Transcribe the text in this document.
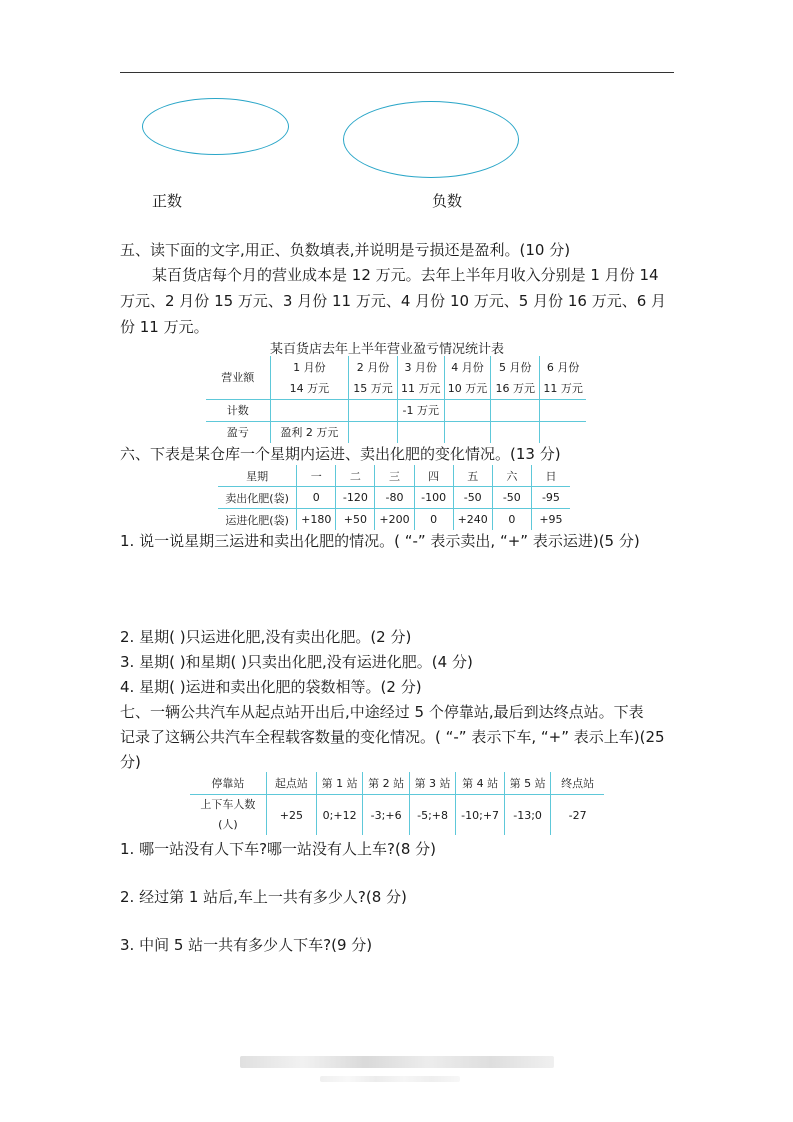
正数	负数
五、读下面的文字,用正、负数填表,并说明是亏损还是盈利。(10 分)
某百货店每个月的营业成本是 12 万元。去年上半年月收入分别是 1 月份 14 万元、2 月份 15 万元、3 月份 11 万元、4 月份 10 万元、5 月份 16 万元、6 月份 11 万元。
某百货店去年上半年营业盈亏情况统计表
营业额	1 月份	2 月份	3 月份	4 月份	5 月份	6 月份
	14 万元	15 万元	11 万元	10 万元	16 万元	11 万元
计数			-1 万元			
盈亏	盈利 2 万元					
六、下表是某仓库一个星期内运进、卖出化肥的变化情况。(13 分)
星期	一	二	三	四	五	六	日
卖出化肥(袋)	0	-120	-80	-100	-50	-50	-95
运进化肥(袋)	+180	+50	+200	0	+240	0	+95
1. 说一说星期三运进和卖出化肥的情况。( “-” 表示卖出, “+” 表示运进)(5 分)
2. 星期( )只运进化肥,没有卖出化肥。(2 分)
3. 星期( )和星期( )只卖出化肥,没有运进化肥。(4 分)
4. 星期( )运进和卖出化肥的袋数相等。(2 分)
七、一辆公共汽车从起点站开出后,中途经过 5 个停靠站,最后到达终点站。下表
记录了这辆公共汽车全程载客数量的变化情况。( “-” 表示下车, “+” 表示上车)(25
分)
停靠站	起点站	第 1 站	第 2 站	第 3 站	第 4 站	第 5 站	终点站

上下车人数
(人)	+25	0;+12	-3;+6	-5;+8	-10;+7	-13;0	-27
1. 哪一站没有人下车?哪一站没有人上车?(8 分)
2. 经过第 1 站后,车上一共有多少人?(8 分)
3. 中间 5 站一共有多少人下车?(9 分)
